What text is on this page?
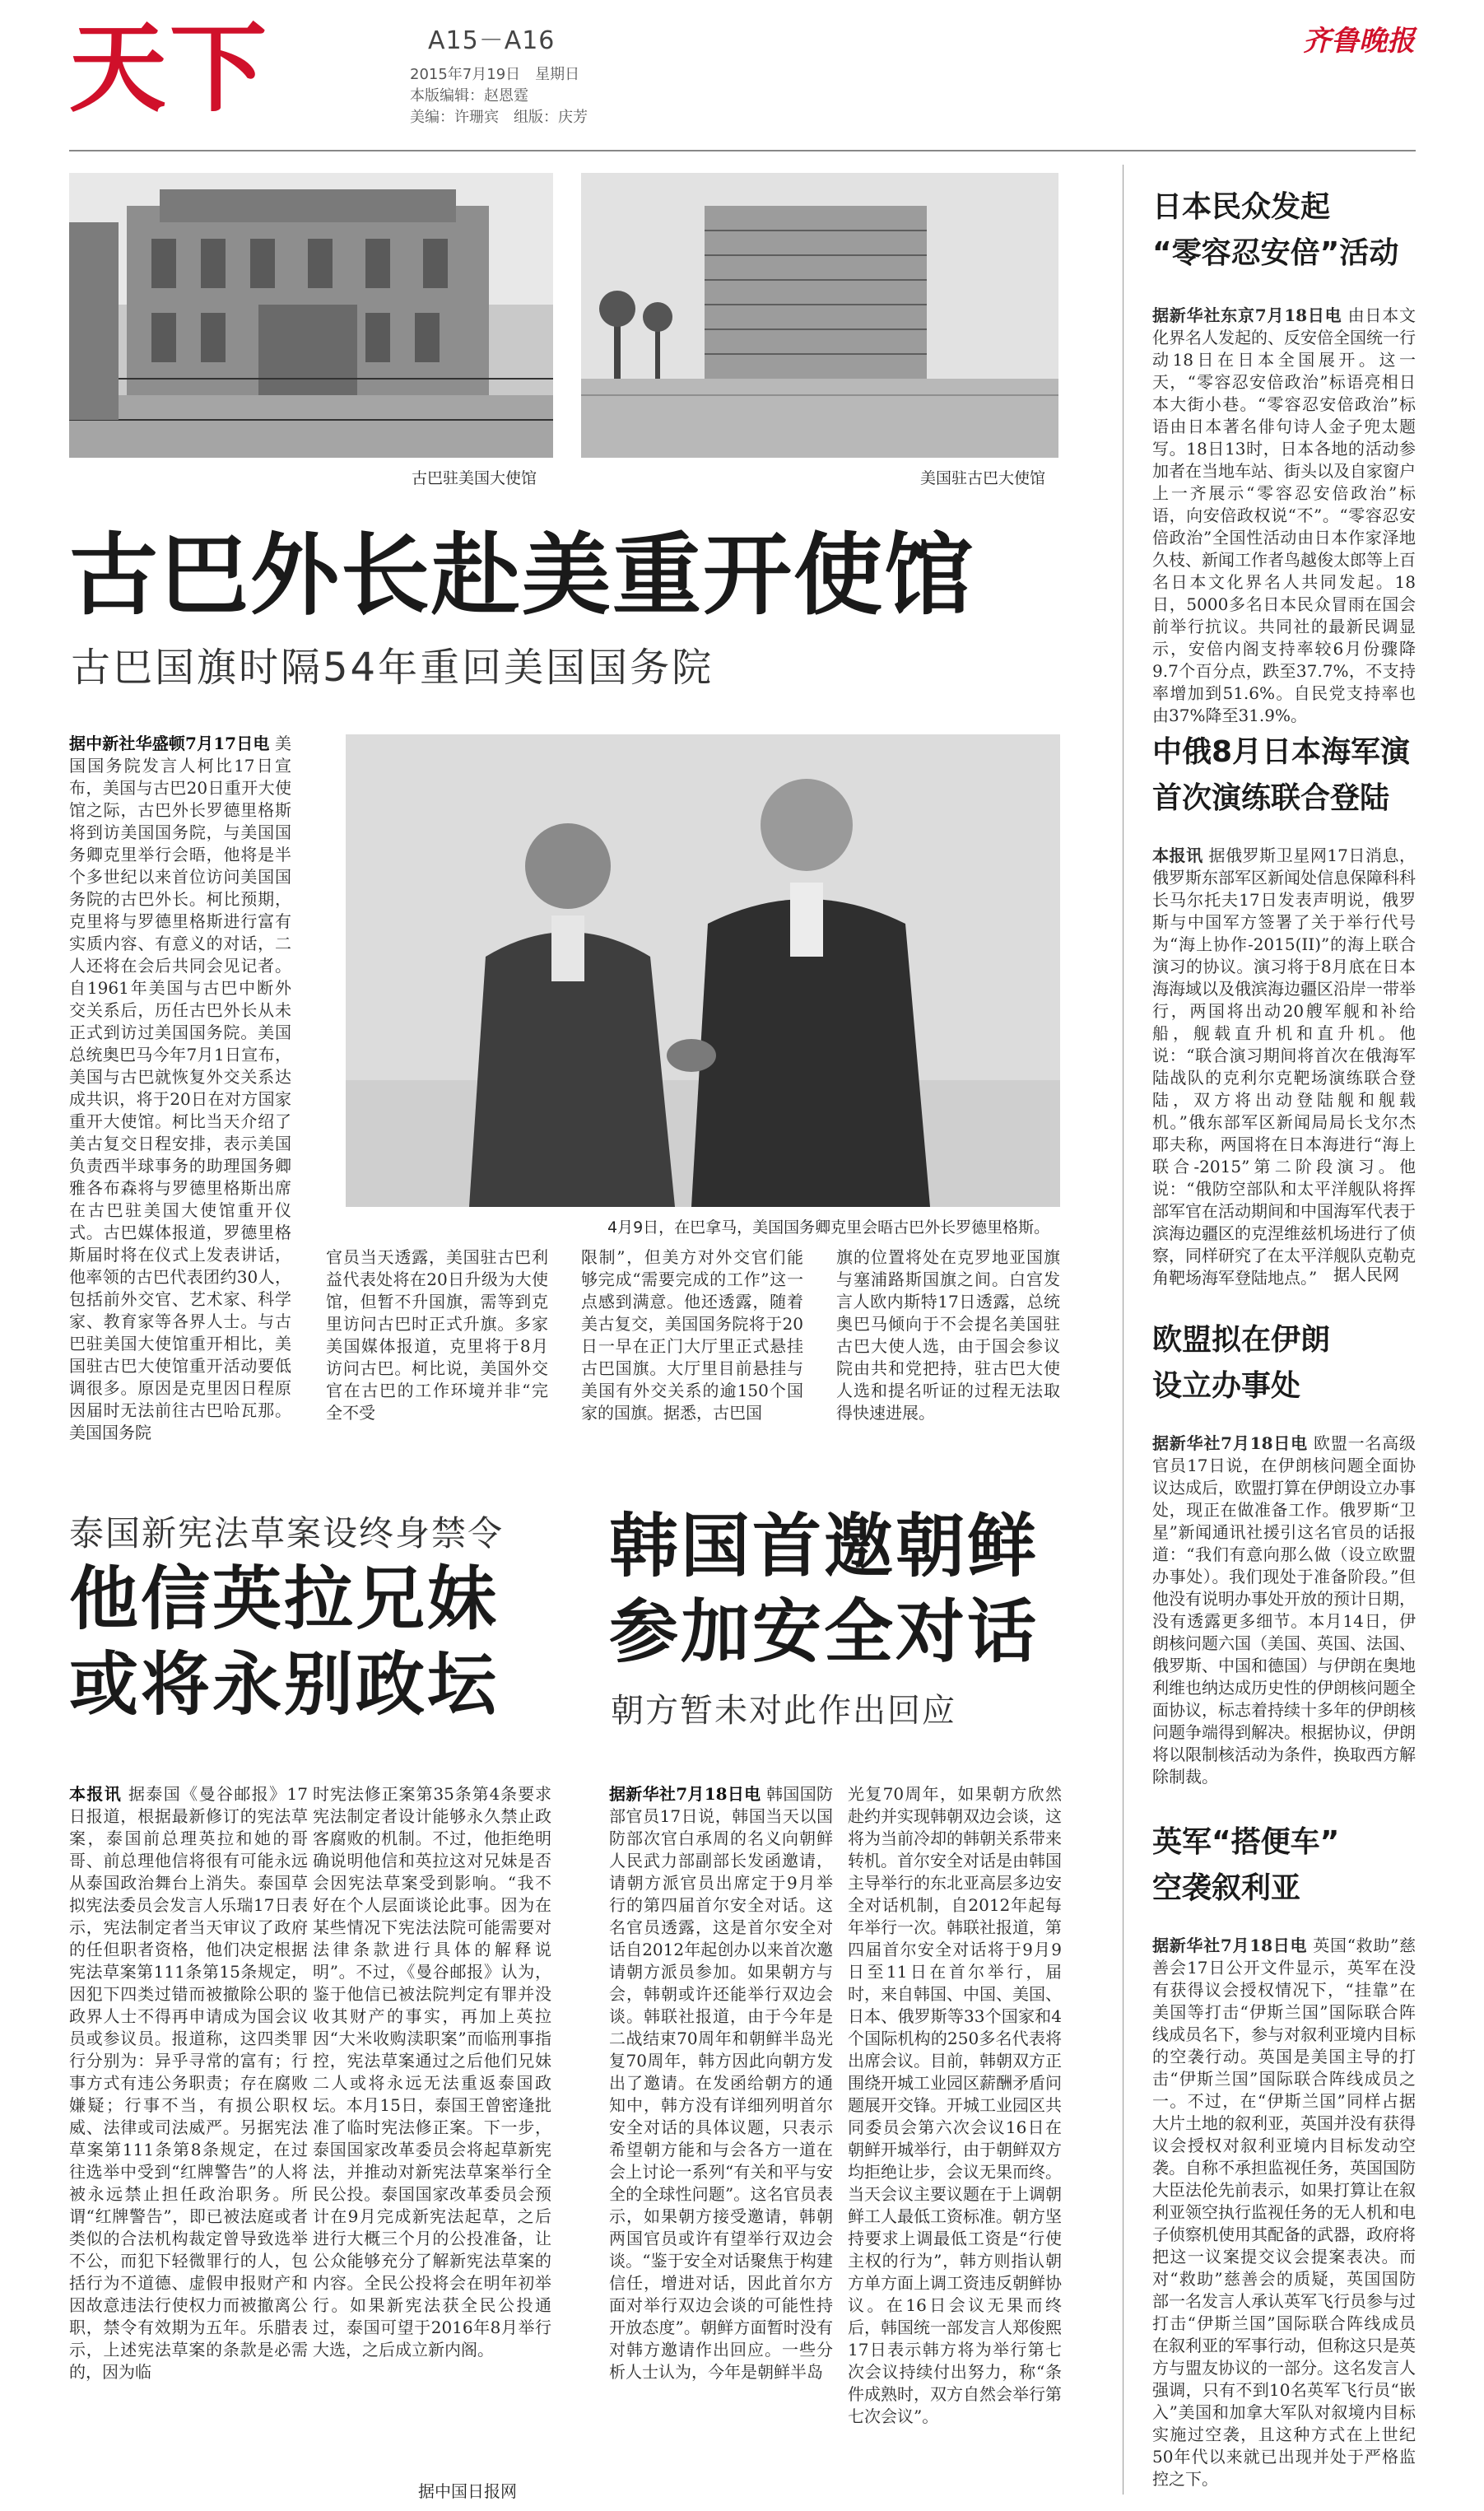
天下	A15－A16
2015年7月19日　星期日
本版编辑：赵恩霆
美编：许珊宾　组版：庆芳
齐鲁晚报
古巴驻美国大使馆	美国驻古巴大使馆
古巴外长赴美重开使馆
古巴国旗时隔54年重回美国国务院
据中新社华盛顿7月17日电 美国国务院发言人柯比17日宣布，美国与古巴20日重开大使馆之际，古巴外长罗德里格斯将到访美国国务院，与美国国务卿克里举行会晤，他将是半个多世纪以来首位访问美国国务院的古巴外长。柯比预期，克里将与罗德里格斯进行富有实质内容、有意义的对话，二人还将在会后共同会见记者。自1961年美国与古巴中断外交关系后，历任古巴外长从未正式到访过美国国务院。美国总统奥巴马今年7月1日宣布，美国与古巴就恢复外交关系达成共识，将于20日在对方国家重开大使馆。柯比当天介绍了美古复交日程安排，表示美国负责西半球事务的助理国务卿雅各布森将与罗德里格斯出席在古巴驻美国大使馆重开仪式。古巴媒体报道，罗德里格斯届时将在仪式上发表讲话，他率领的古巴代表团约30人，包括前外交官、艺术家、科学家、教育家等各界人士。与古巴驻美国大使馆重开相比，美国驻古巴大使馆重开活动要低调很多。原因是克里因日程原因届时无法前往古巴哈瓦那。美国国务院
4月9日，在巴拿马，美国国务卿克里会晤古巴外长罗德里格斯。
官员当天透露，美国驻古巴利益代表处将在20日升级为大使馆，但暂不升国旗，需等到克里访问古巴时正式升旗。多家美国媒体报道，克里将于8月访问古巴。柯比说，美国外交官在古巴的工作环境并非“完全不受
限制”，但美方对外交官们能够完成“需要完成的工作”这一点感到满意。他还透露，随着美古复交，美国国务院将于20日一早在正门大厅里正式悬挂古巴国旗。大厅里目前悬挂与美国有外交关系的逾150个国家的国旗。据悉，古巴国
旗的位置将处在克罗地亚国旗与塞浦路斯国旗之间。白宫发言人欧内斯特17日透露，总统奥巴马倾向于不会提名美国驻古巴大使人选，由于国会参议院由共和党把持，驻古巴大使人选和提名听证的过程无法取得快速进展。
泰国新宪法草案设终身禁令
他信英拉兄妹
或将永别政坛
本报讯 据泰国《曼谷邮报》17日报道，根据最新修订的宪法草案，泰国前总理英拉和她的哥哥、前总理他信将很有可能永远从泰国政治舞台上消失。泰国草拟宪法委员会发言人乐瑞17日表示，宪法制定者当天审议了政府的任但职者资格，他们决定根据宪法草案第111条第15条规定，因犯下四类过错而被撤除公职的政界人士不得再申请成为国会议员或参议员。报道称，这四类罪行分别为：异乎寻常的富有；行事方式有违公务职责；存在腐败嫌疑；行事不当，有损公职权威、法律或司法威严。另据宪法草案第111条第8条规定，在过往选举中受到“红牌警告”的人将被永远禁止担任政治职务。所谓“红牌警告”，即已被法庭或者类似的合法机构裁定曾导致选举不公，而犯下轻微罪行的人，包括行为不道德、虚假申报财产和因故意违法行使权力而被撤离公职，禁令有效期为五年。乐腊表示，上述宪法草案的条款是必需的，因为临
时宪法修正案第35条第4条要求宪法制定者设计能够永久禁止政客腐败的机制。不过，他拒绝明确说明他信和英拉这对兄妹是否会因宪法草案受到影响。“我不好在个人层面谈论此事。因为在某些情况下宪法法院可能需要对法律条款进行具体的解释说明”。不过，《曼谷邮报》认为，鉴于他信已被法院判定有罪并没收其财产的事实，再加上英拉因“大米收购渎职案”而临刑事指控，宪法草案通过之后他们兄妹二人或将永远无法重返泰国政坛。本月15日，泰国王曾密逢批准了临时宪法修正案。下一步，泰国国家改革委员会将起草新宪法，并推动对新宪法草案举行全民公投。泰国国家改革委员会预计在9月完成新宪法起草，之后进行大概三个月的公投准备，让公众能够充分了解新宪法草案的内容。全民公投将会在明年初举行。如果新宪法获全民公投通过，泰国可望于2016年8月举行大选，之后成立新内阁。
据中国日报网
韩国首邀朝鲜
参加安全对话
朝方暂未对此作出回应
据新华社7月18日电 韩国国防部官员17日说，韩国当天以国防部次官白承周的名义向朝鲜人民武力部副部长发函邀请，请朝方派官员出席定于9月举行的第四届首尔安全对话。这名官员透露，这是首尔安全对话自2012年起创办以来首次邀请朝方派员参加。如果朝方与会，韩朝或许还能举行双边会谈。韩联社报道，由于今年是二战结束70周年和朝鲜半岛光复70周年，韩方因此向朝方发出了邀请。在发函给朝方的通知中，韩方没有详细列明首尔安全对话的具体议题，只表示希望朝方能和与会各方一道在会上讨论一系列“有关和平与安全的全球性问题”。这名官员表示，如果朝方接受邀请，韩朝两国官员或许有望举行双边会谈。“鉴于安全对话聚焦于构建信任，增进对话，因此首尔方面对举行双边会谈的可能性持开放态度”。朝鲜方面暂时没有对韩方邀请作出回应。一些分析人士认为，今年是朝鲜半岛
光复70周年，如果朝方欣然赴约并实现韩朝双边会谈，这将为当前冷却的韩朝关系带来转机。首尔安全对话是由韩国主导举行的东北亚高层多边安全对话机制，自2012年起每年举行一次。韩联社报道，第四届首尔安全对话将于9月9日至11日在首尔举行，届时，来自韩国、中国、美国、日本、俄罗斯等33个国家和4个国际机构的250多名代表将出席会议。目前，韩朝双方正围绕开城工业园区薪酬矛盾问题展开交锋。开城工业园区共同委员会第六次会议16日在朝鲜开城举行，由于朝鲜双方均拒绝让步，会议无果而终。当天会议主要议题在于上调朝鲜工人最低工资标准。朝方坚持要求上调最低工资是“行使主权的行为”，韩方则指认朝方单方面上调工资违反朝鲜协议。在16日会议无果而终后，韩国统一部发言人郑俊熙17日表示韩方将为举行第七次会议持续付出努力，称“条件成熟时，双方自然会举行第七次会议”。
日本民众发起
“零容忍安倍”活动
据新华社东京7月18日电 由日本文化界名人发起的、反安倍全国统一行动18日在日本全国展开。这一天，“零容忍安倍政治”标语亮相日本大街小巷。“零容忍安倍政治”标语由日本著名俳句诗人金子兜太题写。18日13时，日本各地的活动参加者在当地车站、街头以及自家窗户上一齐展示“零容忍安倍政治”标语，向安倍政权说“不”。“零容忍安倍政治”全国性活动由日本作家泽地久枝、新闻工作者鸟越俊太郎等上百名日本文化界名人共同发起。18日，5000多名日本民众冒雨在国会前举行抗议。共同社的最新民调显示，安倍内阁支持率较6月份骤降9.7个百分点，跌至37.7%，不支持率增加到51.6%。自民党支持率也由37%降至31.9%。
中俄8月日本海军演
首次演练联合登陆
本报讯 据俄罗斯卫星网17日消息，俄罗斯东部军区新闻处信息保障科科长马尔托夫17日发表声明说，俄罗斯与中国军方签署了关于举行代号为“海上协作-2015(II)”的海上联合演习的协议。演习将于8月底在日本海海域以及俄滨海边疆区沿岸一带举行，两国将出动20艘军舰和补给船，舰载直升机和直升机。他说：“联合演习期间将首次在俄海军陆战队的克利尔克靶场演练联合登陆，双方将出动登陆舰和舰载机。”俄东部军区新闻局局长戈尔杰耶夫称，两国将在日本海进行“海上联合-2015”第二阶段演习。他说：“俄防空部队和太平洋舰队将挥部军官在活动期间和中国海军代表于滨海边疆区的克涅维兹机场进行了侦察，同样研究了在太平洋舰队克勒克角靶场海军登陆地点。” 据人民网
欧盟拟在伊朗
设立办事处
据新华社7月18日电 欧盟一名高级官员17日说，在伊朗核问题全面协议达成后，欧盟打算在伊朗设立办事处，现正在做准备工作。俄罗斯“卫星”新闻通讯社援引这名官员的话报道：“我们有意向那么做（设立欧盟办事处）。我们现处于准备阶段。”但他没有说明办事处开放的预计日期，没有透露更多细节。本月14日，伊朗核问题六国（美国、英国、法国、俄罗斯、中国和德国）与伊朗在奥地利维也纳达成历史性的伊朗核问题全面协议，标志着持续十多年的伊朗核问题争端得到解决。根据协议，伊朗将以限制核活动为条件，换取西方解除制裁。
英军“搭便车”
空袭叙利亚
据新华社7月18日电 英国“救助”慈善会17日公开文件显示，英军在没有获得议会授权情况下，“挂靠”在美国等打击“伊斯兰国”国际联合阵线成员名下，参与对叙利亚境内目标的空袭行动。英国是美国主导的打击“伊斯兰国”国际联合阵线成员之一。不过，在“伊斯兰国”同样占据大片土地的叙利亚，英国并没有获得议会授权对叙利亚境内目标发动空袭。自称不承担监视任务，英国国防大臣法伦先前表示，如果打算让在叙利亚领空执行监视任务的无人机和电子侦察机使用其配备的武器，政府将把这一议案提交议会提案表决。而对“救助”慈善会的质疑，英国国防部一名发言人承认英军飞行员参与过打击“伊斯兰国”国际联合阵线成员在叙利亚的军事行动，但称这只是英方与盟友协议的一部分。这名发言人强调，只有不到10名英军飞行员“嵌入”美国和加拿大军队对叙境内目标实施过空袭，且这种方式在上世纪50年代以来就已出现并处于严格监控之下。
